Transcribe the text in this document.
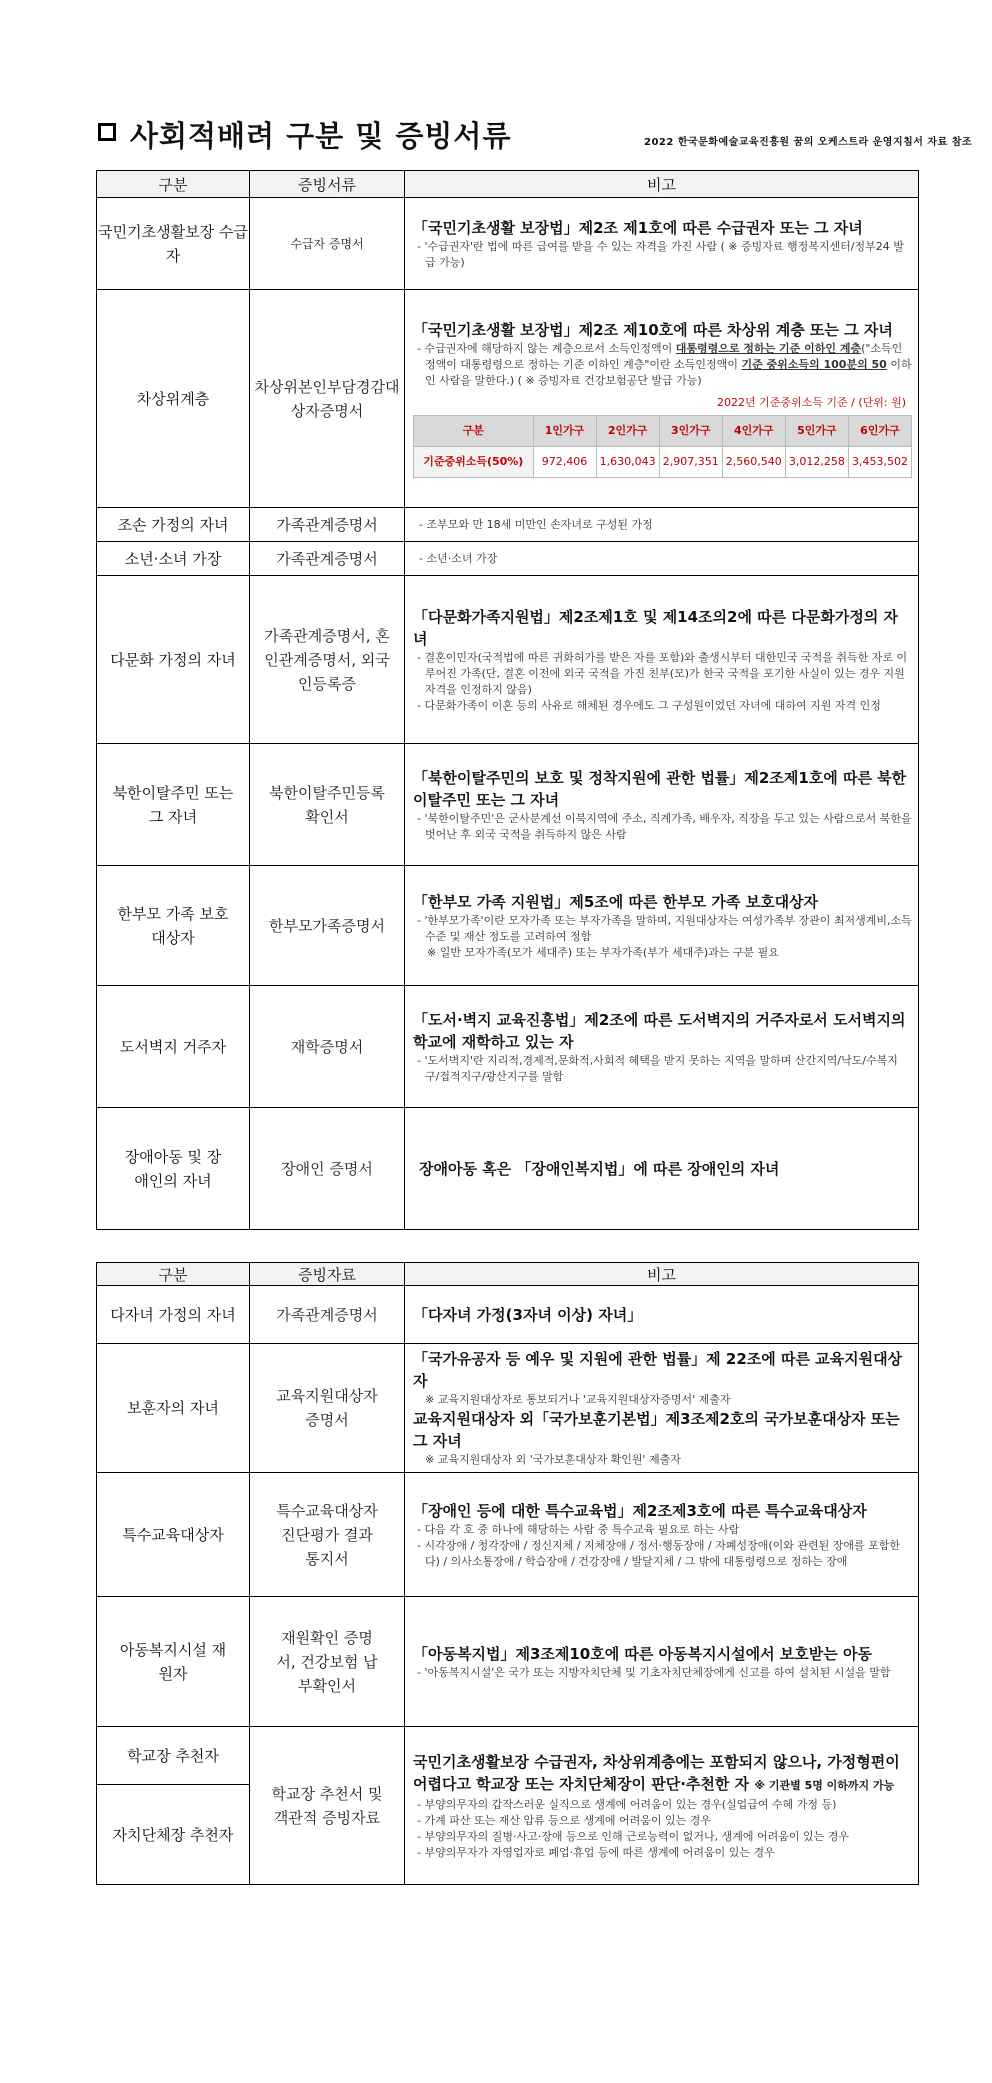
사회적배려 구분 및 증빙서류	2022 한국문화예술교육진흥원 꿈의 오케스트라 운영지침서 자료 참조
구분	증빙서류	비고
국민기초생활보장 수급자	수급자 증명서	
「국민기초생활 보장법」제2조 제1호에 따른 수급권자 또는 그 자녀
- '수급권자'란 법에 따른 급여를 받을 수 있는 자격을 가진 사람 ( ※ 증빙자료 행정복지센터/정부24 발급 가능)

차상위계층	차상위본인부담경감대상자증명서	
「국민기초생활 보장법」제2조 제10호에 따른 차상위 계층 또는 그 자녀
- 수급권자에 해당하지 않는 계층으로서 소득인정액이 대통령령으로 정하는 기준 이하인 계층("소득인정액이 대통령령으로 정하는 기준 이하인 계층"이란 소득인정액이 기준 중위소득의 100분의 50 이하인 사람을 말한다.) ( ※ 증빙자료 건강보험공단 발급 가능)
2022년 기준중위소득 기준 / (단위: 원)
구분	1인가구	2인가구	3인가구	4인가구	5인가구	6인가구
기준중위소득(50%)	972,406	1,630,043	2,907,351	2,560,540	3,012,258	3,453,502

조손 가정의 자녀	가족관계증명서	- 조부모와 만 18세 미만인 손자녀로 구성된 가정

소년·소녀 가장	가족관계증명서	- 소년·소녀 가장

다문화 가정의 자녀	가족관계증명서, 혼인관계증명서, 외국인등록증	
「다문화가족지원법」제2조제1호 및 제14조의2에 따른 다문화가정의 자녀
- 결혼이민자(국적법에 따른 귀화허가를 받은 자를 포함)와 출생시부터 대한민국 국적을 취득한 자로 이루어진 가족(단, 결혼 이전에 외국 국적을 가진 친부(모)가 한국 국적을 포기한 사실이 있는 경우 지원 자격을 인정하지 않음)
- 다문화가족이 이혼 등의 사유로 해체된 경우에도 그 구성원이었던 자녀에 대하여 지원 자격 인정

북한이탈주민 또는 그 자녀	북한이탈주민등록확인서	
「북한이탈주민의 보호 및 정착지원에 관한 법률」제2조제1호에 따른 북한이탈주민 또는 그 자녀
- '북한이탈주민'은 군사분계선 이북지역에 주소, 직계가족, 배우자, 직장을 두고 있는 사람으로서 북한을 벗어난 후 외국 국적을 취득하지 않은 사람

한부모 가족 보호대상자	한부모가족증명서	
「한부모 가족 지원법」제5조에 따른 한부모 가족 보호대상자
- '한부모가족'이란 모자가족 또는 부자가족을 말하며, 지원대상자는 여성가족부 장관이 최저생계비,소득수준 및 재산 정도를 고려하여 정함
※ 일반 모자가족(모가 세대주) 또는 부자가족(부가 세대주)과는 구분 필요

도서벽지 거주자	재학증명서	
「도서·벽지 교육진흥법」제2조에 따른 도서벽지의 거주자로서 도서벽지의 학교에 재학하고 있는 자
- '도서벽지'란 지리적,경제적,문화적,사회적 혜택을 받지 못하는 지역을 말하며 산간지역/낙도/수복지구/접적지구/광산지구를 말함

장애아동 및 장애인의 자녀	장애인 증명서	장애아동 혹은 「장애인복지법」에 따른 장애인의 자녀
구분	증빙자료	비고
다자녀 가정의 자녀	가족관계증명서	「다자녀 가정(3자녀 이상) 자녀」

보훈자의 자녀	교육지원대상자 증명서	「국가유공자 등 예우 및 지원에 관한 법률」제 22조에 따른 교육지원대상자
※ 교육지원대상자로 통보되거나 '교육지원대상자증명서' 제출자
교육지원대상자 외「국가보훈기본법」제3조제2호의 국가보훈대상자 또는 그 자녀
※ 교육지원대상자 외 '국가보훈대상자 확인원' 제출자

특수교육대상자	특수교육대상자 진단평가 결과통지서	「장애인 등에 대한 특수교육법」제2조제3호에 따른 특수교육대상자
- 다음 각 호 중 하나에 해당하는 사람 중 특수교육 필요로 하는 사람
- 시각장애 / 청각장애 / 정신지체 / 지체장애 / 정서·행동장애 / 자폐성장애(이와 관련된 장애를 포함한다) / 의사소통장애 / 학습장애 / 건강장애 / 발달지체 / 그 밖에 대통령령으로 정하는 장애

아동복지시설 재원자	재원확인 증명서, 건강보험 납부확인서	「아동복지법」제3조제10호에 따른 아동복지시설에서 보호받는 아동
- '아동복지시설'은 국가 또는 지방자치단체 및 기초자치단체장에게 신고를 하여 설치된 시설을 말함

학교장 추천자	학교장 추천서 및 객관적 증빙자료	국민기초생활보장 수급권자, 차상위계층에는 포함되지 않으나, 가정형편이 어렵다고 학교장 또는 자치단체장이 판단·추천한 자 ※ 기관별 5명 이하까지 가능
- 부양의무자의 갑작스러운 실직으로 생계에 어려움이 있는 경우(실업급여 수혜 가정 등)
- 가계 파산 또는 재산 압류 등으로 생계에 어려움이 있는 경우
- 부양의무자의 질병·사고·장애 등으로 인해 근로능력이 없거나, 생계에 어려움이 있는 경우
- 부양의무자가 자영업자로 폐업·휴업 등에 따른 생계에 어려움이 있는 경우

자치단체장 추천자		
